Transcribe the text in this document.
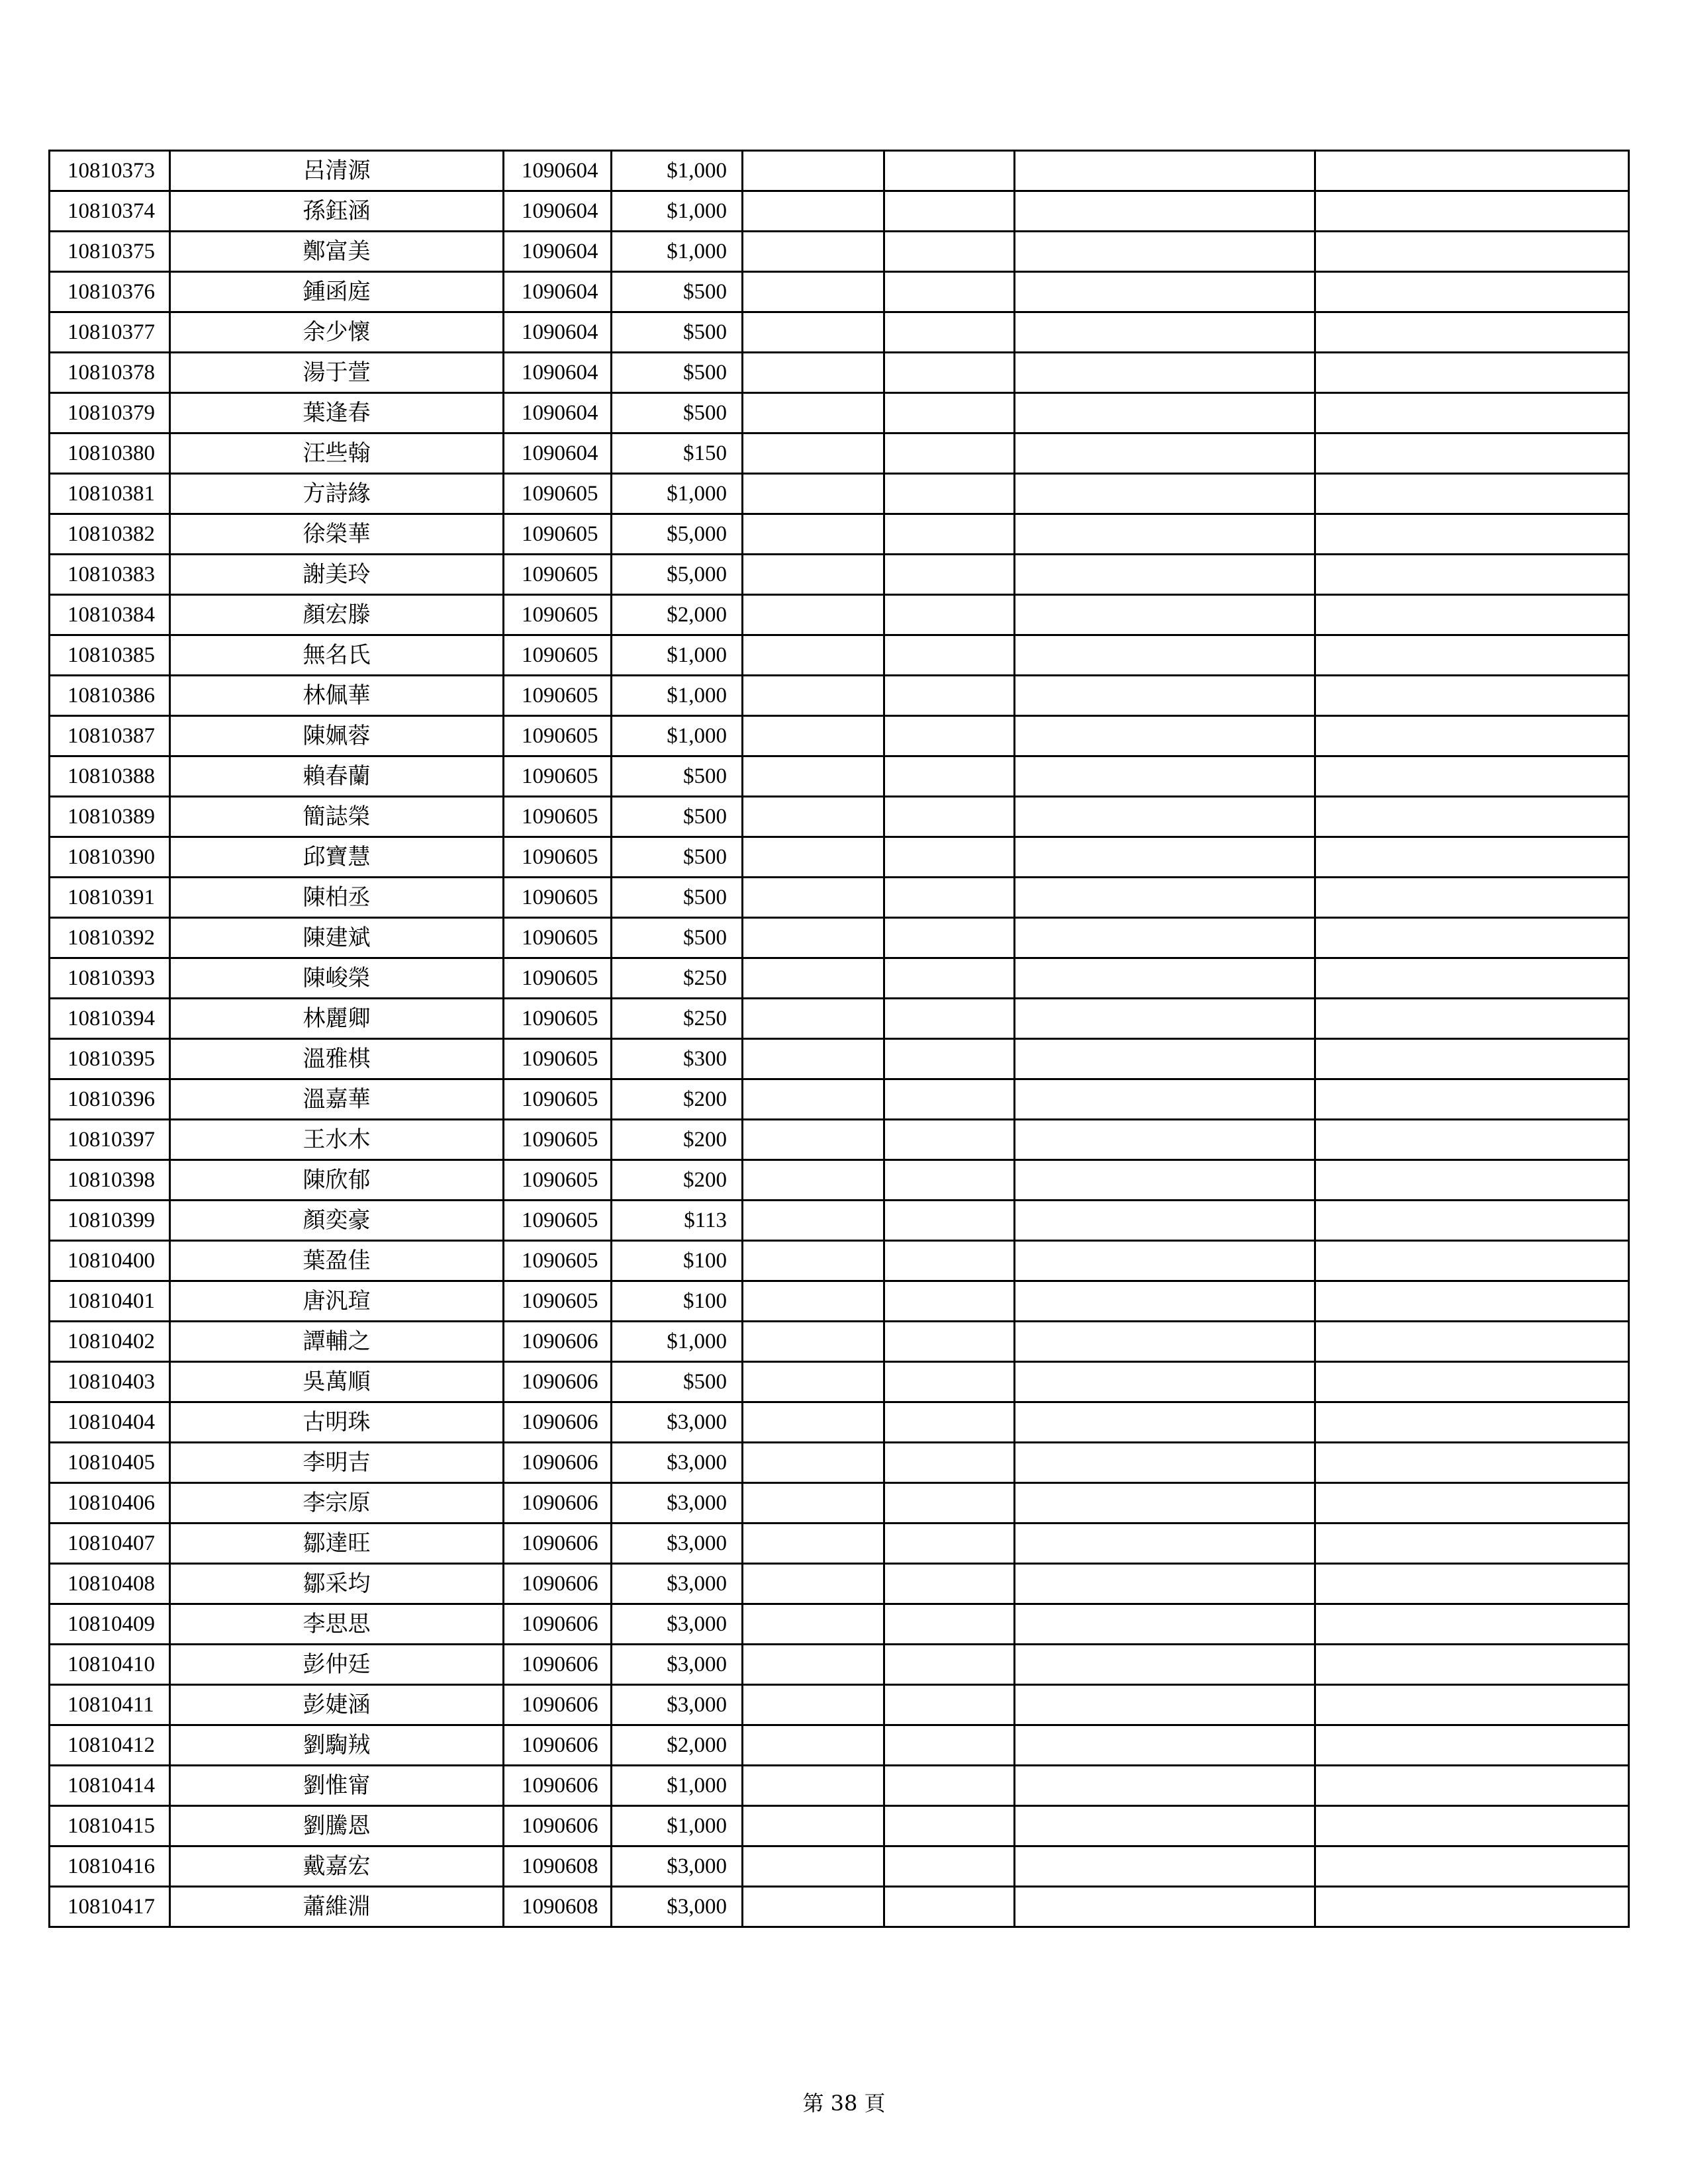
10810373	呂清源	1090604	$1,000				
10810374	孫鈺涵	1090604	$1,000				
10810375	鄭富美	1090604	$1,000				
10810376	鍾函庭	1090604	$500				
10810377	余少懷	1090604	$500				
10810378	湯于萱	1090604	$500				
10810379	葉逢春	1090604	$500				
10810380	汪些翰	1090604	$150				
10810381	方詩緣	1090605	$1,000				
10810382	徐榮華	1090605	$5,000				
10810383	謝美玲	1090605	$5,000				
10810384	顏宏滕	1090605	$2,000				
10810385	無名氏	1090605	$1,000				
10810386	林佩華	1090605	$1,000				
10810387	陳姵蓉	1090605	$1,000				
10810388	賴春蘭	1090605	$500				
10810389	簡誌榮	1090605	$500				
10810390	邱寶慧	1090605	$500				
10810391	陳柏丞	1090605	$500				
10810392	陳建斌	1090605	$500				
10810393	陳峻榮	1090605	$250				
10810394	林麗卿	1090605	$250				
10810395	溫雅棋	1090605	$300				
10810396	溫嘉華	1090605	$200				
10810397	王水木	1090605	$200				
10810398	陳欣郁	1090605	$200				
10810399	顏奕豪	1090605	$113				
10810400	葉盈佳	1090605	$100				
10810401	唐汎瑄	1090605	$100				
10810402	譚輔之	1090606	$1,000				
10810403	吳萬順	1090606	$500				
10810404	古明珠	1090606	$3,000				
10810405	李明吉	1090606	$3,000				
10810406	李宗原	1090606	$3,000				
10810407	鄒達旺	1090606	$3,000				
10810408	鄒采均	1090606	$3,000				
10810409	李思思	1090606	$3,000				
10810410	彭仲廷	1090606	$3,000				
10810411	彭婕涵	1090606	$3,000				
10810412	劉騊羢	1090606	$2,000				
10810414	劉惟甯	1090606	$1,000				
10810415	劉騰恩	1090606	$1,000				
10810416	戴嘉宏	1090608	$3,000				
10810417	蕭維淵	1090608	$3,000				
第 38 頁
